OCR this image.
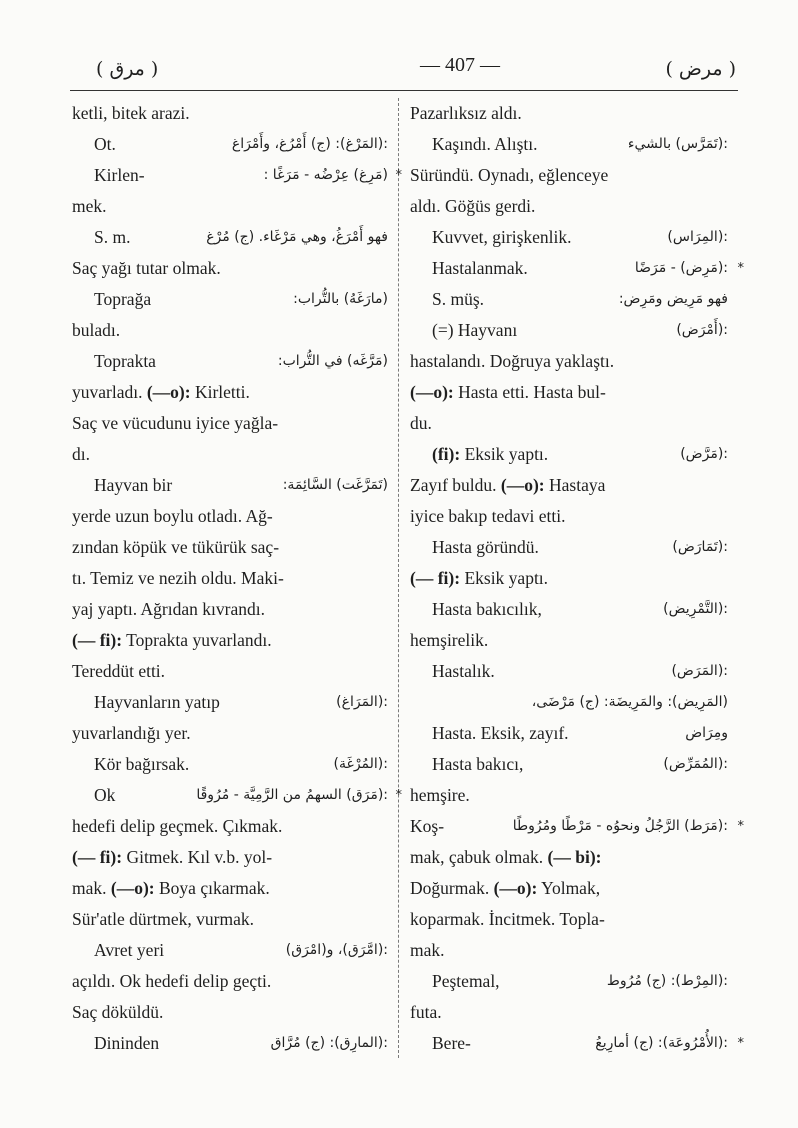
( مرق )	— 407 —	( مرض )
ketli, bitek arazi.
Ot.	:(المَرْغ): (ج) أَمْرُغ، وأَمْرَاغ
Kirlen-	(مَرِغ) عِرْضُه - مَرَغًا : *
mek.
S. m.	فهو أَمْرَغُ، وهي مَرْغَاء. (ج) مُرْغ
Saç yağı tutar olmak.
Toprağa	(مارَغَهُ) بالتُّراب:
buladı.
Toprakta	(مَرَّغَه) في التُّراب:
yuvarladı. (—o): Kirletti.
Saç ve vücudunu iyice yağla-
dı.
Hayvan bir	(تَمَرَّغَت) السَّائِمَة:
yerde uzun boylu otladı. Ağ-
zından köpük ve tükürük saç-
tı. Temiz ve nezih oldu. Maki-
yaj yaptı. Ağrıdan kıvrandı.
(— fi): Toprakta yuvarlandı.
Tereddüt etti.
Hayvanların yatıp	:(المَرَاغ)
yuvarlandığı yer.
Kör bağırsak.	:(المُرْغَة)
Ok	:(مَرَق) السهمُ من الرَّمِيَّة - مُرُوقًا *
hedefi delip geçmek. Çıkmak.
(— fi): Gitmek. Kıl v.b. yol-
mak. (—o): Boya çıkarmak.
Sür'atle dürtmek, vurmak.
Avret yeri	:(امَّرَق)، و(امْرَق)
açıldı. Ok hedefi delip geçti.
Saç döküldü.
Dininden	:(المارِق): (ج) مُرَّاق
Pazarlıksız aldı.
Kaşındı. Alıştı.	:(تَمَرَّس) بالشيء
Süründü. Oynadı, eğlenceye
aldı. Göğüs gerdi.
Kuvvet, girişkenlik.	:(المِرَاس)
Hastalanmak.	:(مَرِض) - مَرَضًا *
S. müş.	فهو مَرِيض ومَرِض:
(=) Hayvanı	:(أَمْرَض)
hastalandı. Doğruya yaklaştı.
(—o): Hasta etti. Hasta bul-
du.
(fi): Eksik yaptı.	:(مَرَّض)
Zayıf buldu. (—o): Hastaya
iyice bakıp tedavi etti.
Hasta göründü.	:(تَمَارَض)
(— fi): Eksik yaptı.
Hasta bakıcılık,	:(التَّمْرِيض)
hemşirelik.
Hastalık.	:(المَرَض)
(المَرِيض): والمَرِيضَة: (ج) مَرْضَى،
Hasta. Eksik, zayıf.	ومِرَاض
Hasta bakıcı,	:(المُمَرِّض)
hemşire.
Koş-	:(مَرَط) الرَّجُلُ ونحوُه - مَرْطًا ومُرُوطًا *
mak, çabuk olmak. (— bi):
Doğurmak. (—o): Yolmak,
koparmak. İncitmek. Topla-
mak.
Peştemal,	:(المِرْط): (ج) مُرُوط
futa.
Bere-	:(الأُمْرُوعَة): (ج) أمارِيعُ *
